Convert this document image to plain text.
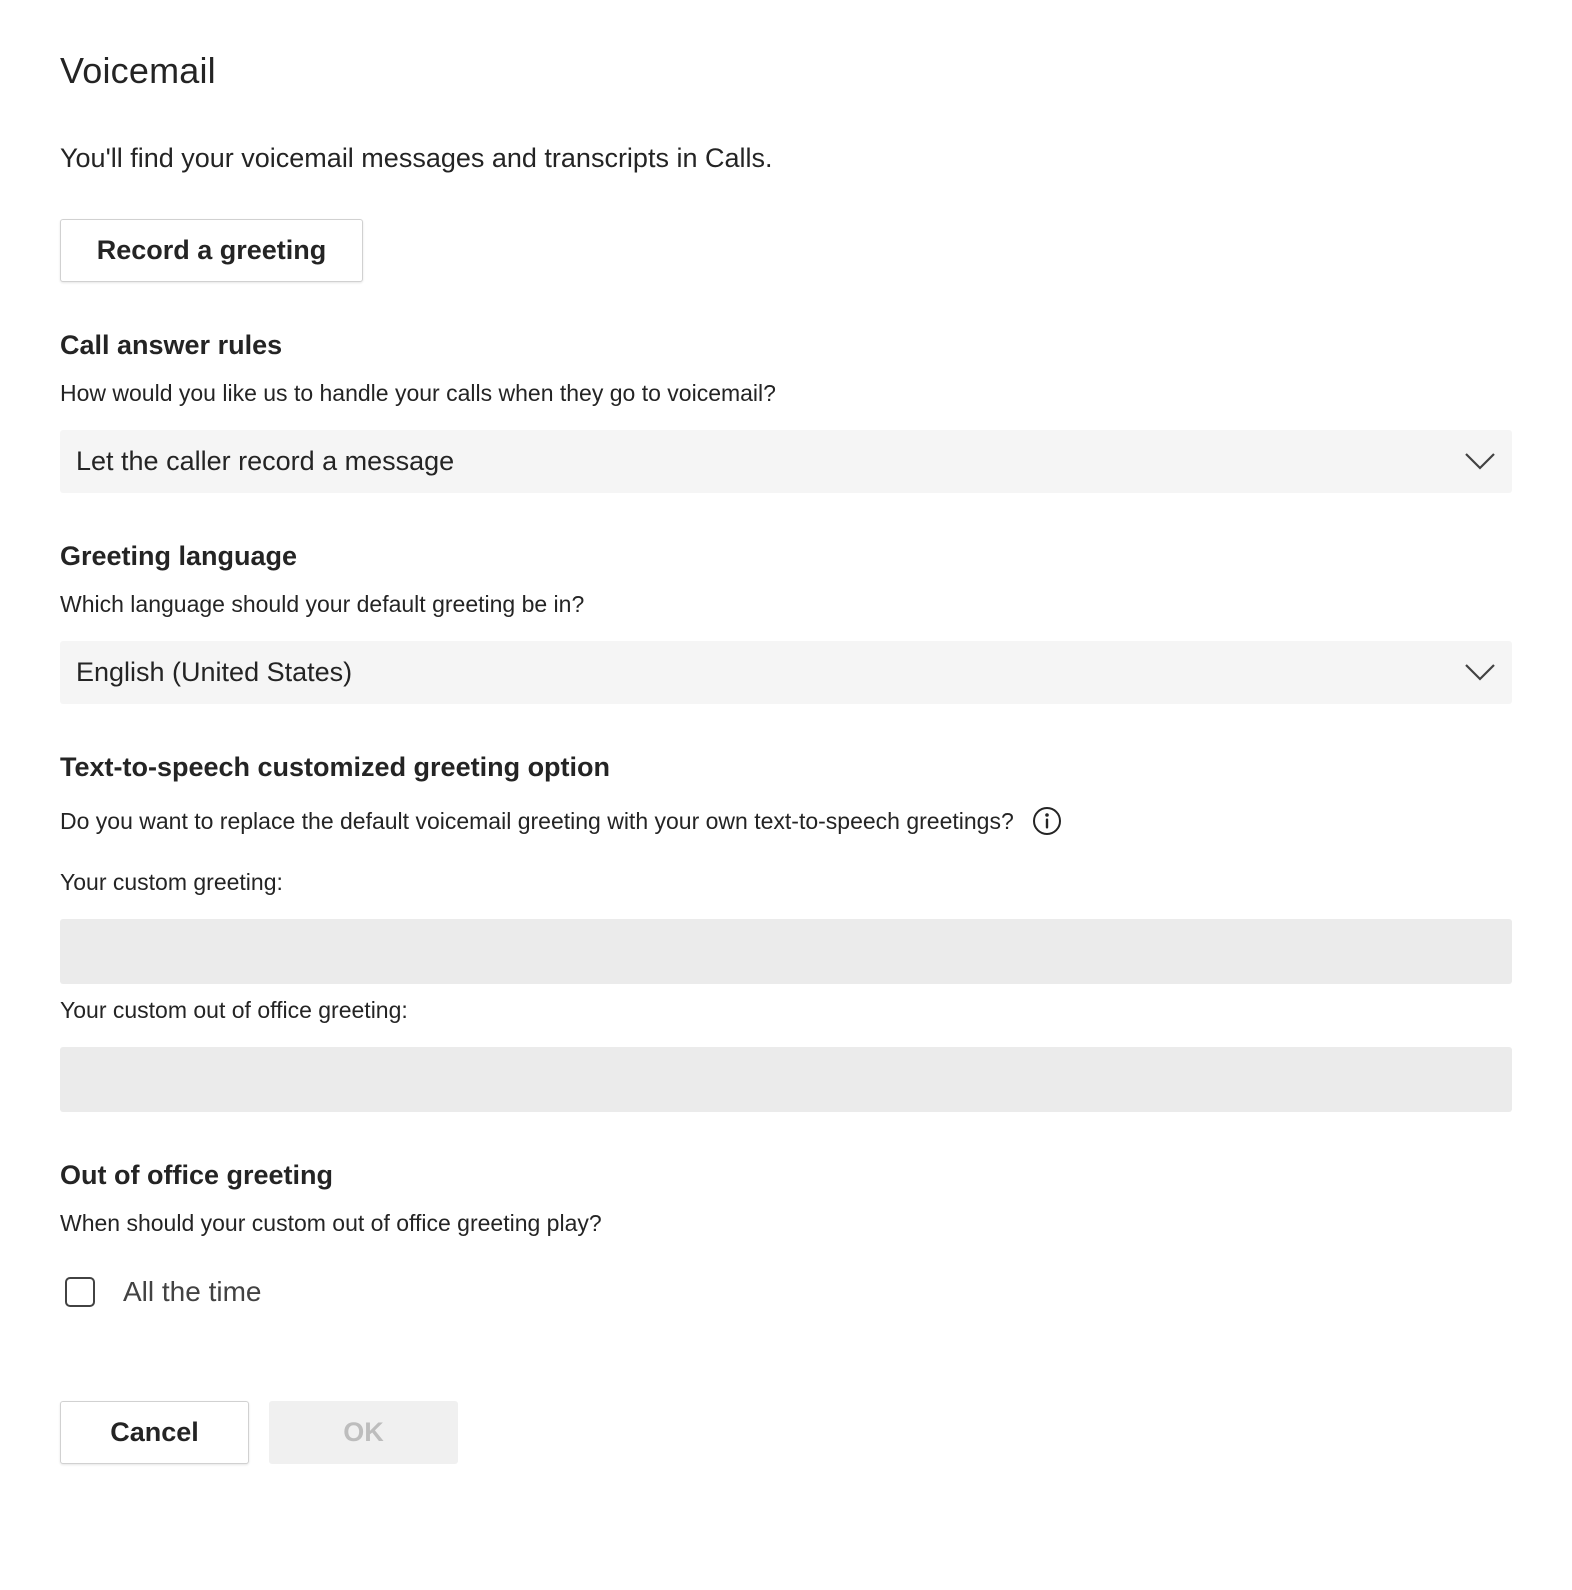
Voicemail
You'll find your voicemail messages and transcripts in Calls.
Record a greeting
Call answer rules
How would you like us to handle your calls when they go to voicemail?
Let the caller record a message
Greeting language
Which language should your default greeting be in?
English (United States)
Text-to-speech customized greeting option
Do you want to replace the default voicemail greeting with your own text-to-speech greetings?
Your custom greeting:
Your custom out of office greeting:
Out of office greeting
When should your custom out of office greeting play?
All the time
Cancel	OK
